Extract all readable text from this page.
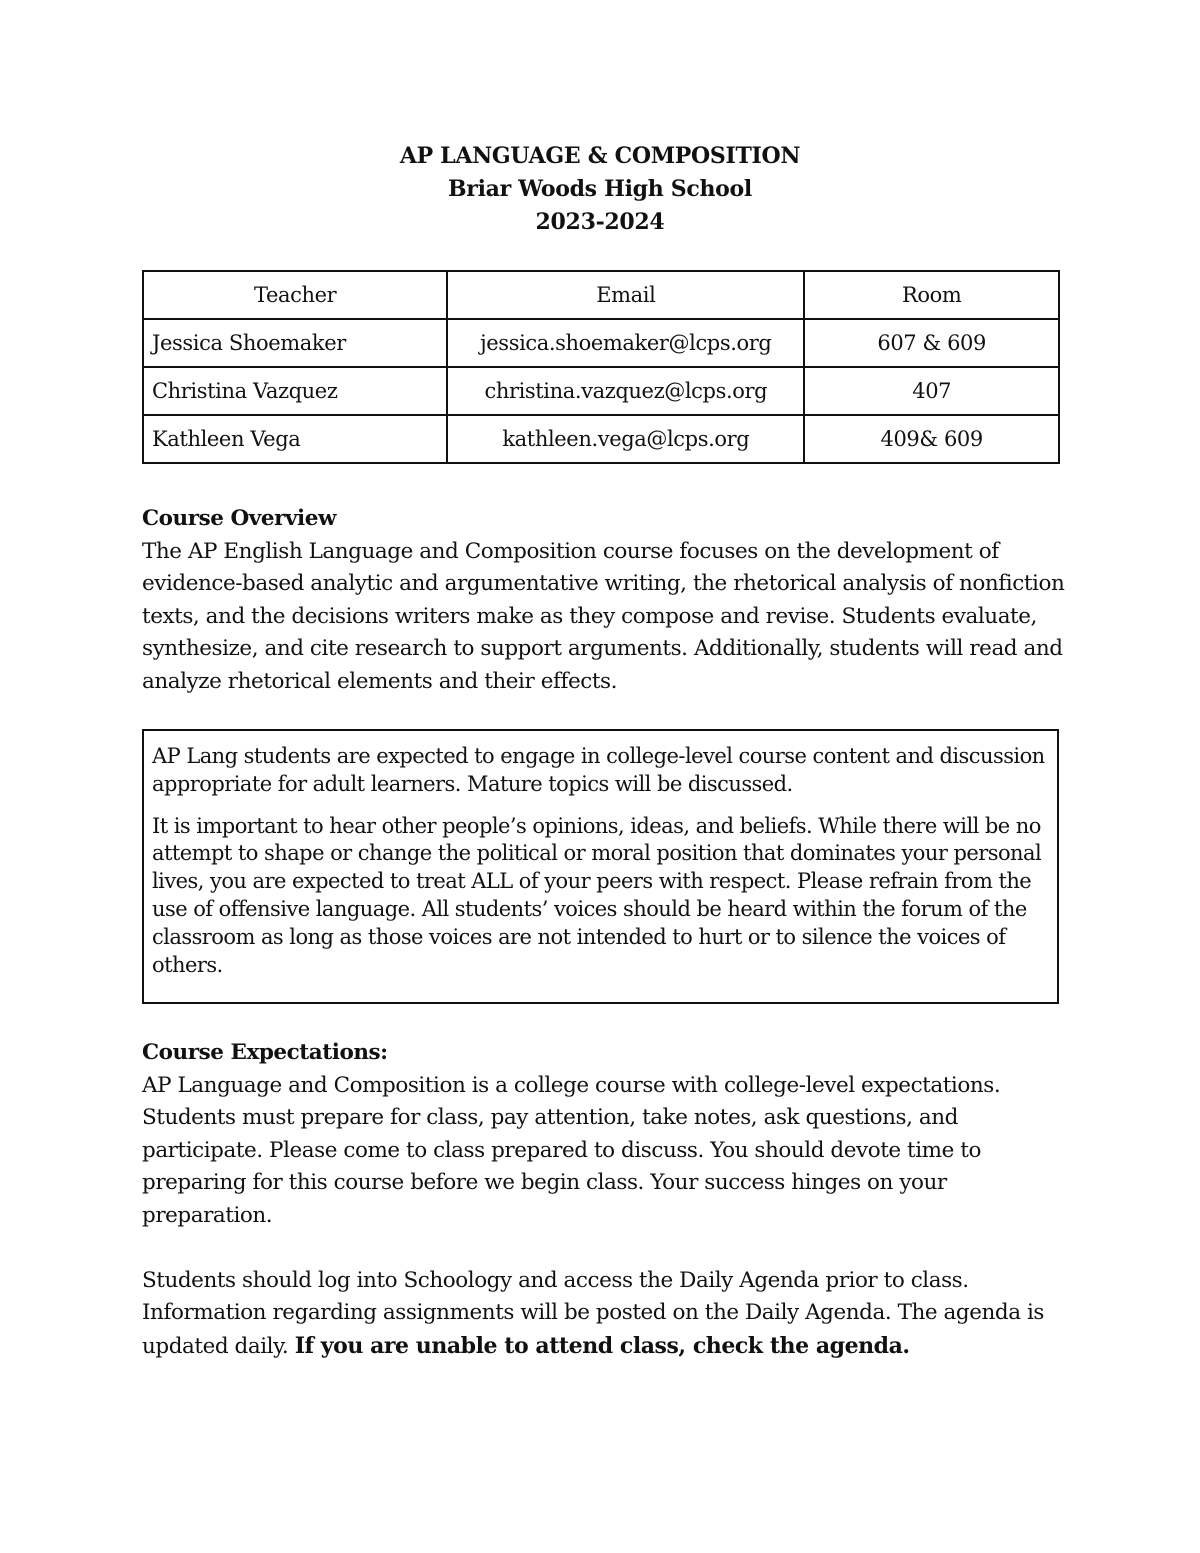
AP LANGUAGE & COMPOSITION
Briar Woods High School
2023-2024
Teacher	Email	Room
Jessica Shoemaker	jessica.shoemaker@lcps.org	607 & 609
Christina Vazquez	christina.vazquez@lcps.org	407
Kathleen Vega	kathleen.vega@lcps.org	409& 609
Course Overview

The AP English Language and Composition course focuses on the development of evidence-based analytic and argumentative writing, the rhetorical analysis of nonfiction texts, and the decisions writers make as they compose and revise. Students evaluate, synthesize, and cite research to support arguments. Additionally, students will read and analyze rhetorical elements and their effects.

AP Lang students are expected to engage in college-level course content and discussion appropriate for adult learners. Mature topics will be discussed.

It is important to hear other people’s opinions, ideas, and beliefs. While there will be no attempt to shape or change the political or moral position that dominates your personal lives, you are expected to treat ALL of your peers with respect. Please refrain from the use of offensive language. All students’ voices should be heard within the forum of the classroom as long as those voices are not intended to hurt or to silence the voices of others.

Course Expectations:

AP Language and Composition is a college course with college-level expectations. Students must prepare for class, pay attention, take notes, ask questions, and participate. Please come to class prepared to discuss. You should devote time to preparing for this course before we begin class. Your success hinges on your preparation.

Students should log into Schoology and access the Daily Agenda prior to class. Information regarding assignments will be posted on the Daily Agenda. The agenda is updated daily. If you are unable to attend class, check the agenda.
